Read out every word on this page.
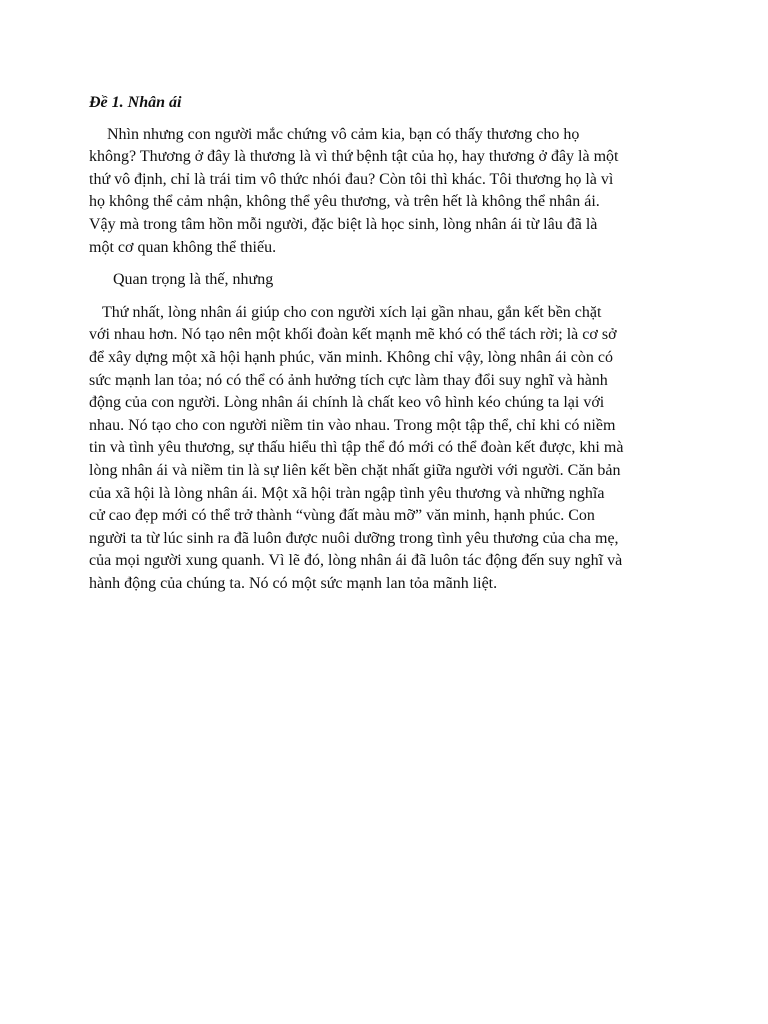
Đề 1. Nhân ái
Nhìn nhưng con người mắc chứng vô cảm kia, bạn có thấy thương cho họ
không? Thương ở đây là thương là vì thứ bệnh tật của họ, hay thương ở đây là một
thứ vô định, chỉ là trái tim vô thức nhói đau? Còn tôi thì khác. Tôi thương họ là vì
họ không thể cảm nhận, không thể yêu thương, và trên hết là không thể nhân ái.
Vậy mà trong tâm hồn mỗi người, đặc biệt là học sinh, lòng nhân ái từ lâu đã là
một cơ quan không thể thiếu.
Quan trọng là thế, nhưng
Thứ nhất, lòng nhân ái giúp cho con người xích lại gần nhau, gắn kết bền chặt
với nhau hơn. Nó tạo nên một khối đoàn kết mạnh mẽ khó có thể tách rời; là cơ sở
để xây dựng một xã hội hạnh phúc, văn minh. Không chỉ vậy, lòng nhân ái còn có
sức mạnh lan tỏa; nó có thể có ảnh hưởng tích cực làm thay đổi suy nghĩ và hành
động của con người. Lòng nhân ái chính là chất keo vô hình kéo chúng ta lại với
nhau. Nó tạo cho con người niềm tin vào nhau. Trong một tập thể, chỉ khi có niềm
tin và tình yêu thương, sự thấu hiểu thì tập thể đó mới có thể đoàn kết được, khi mà
lòng nhân ái và niềm tin là sự liên kết bền chặt nhất giữa người với người. Căn bản
của xã hội là lòng nhân ái. Một xã hội tràn ngập tình yêu thương và những nghĩa
cử cao đẹp mới có thể trở thành “vùng đất màu mỡ” văn minh, hạnh phúc. Con
người ta từ lúc sinh ra đã luôn được nuôi dưỡng trong tình yêu thương của cha mẹ,
của mọi người xung quanh. Vì lẽ đó, lòng nhân ái đã luôn tác động đến suy nghĩ và
hành động của chúng ta. Nó có một sức mạnh lan tỏa mãnh liệt.
